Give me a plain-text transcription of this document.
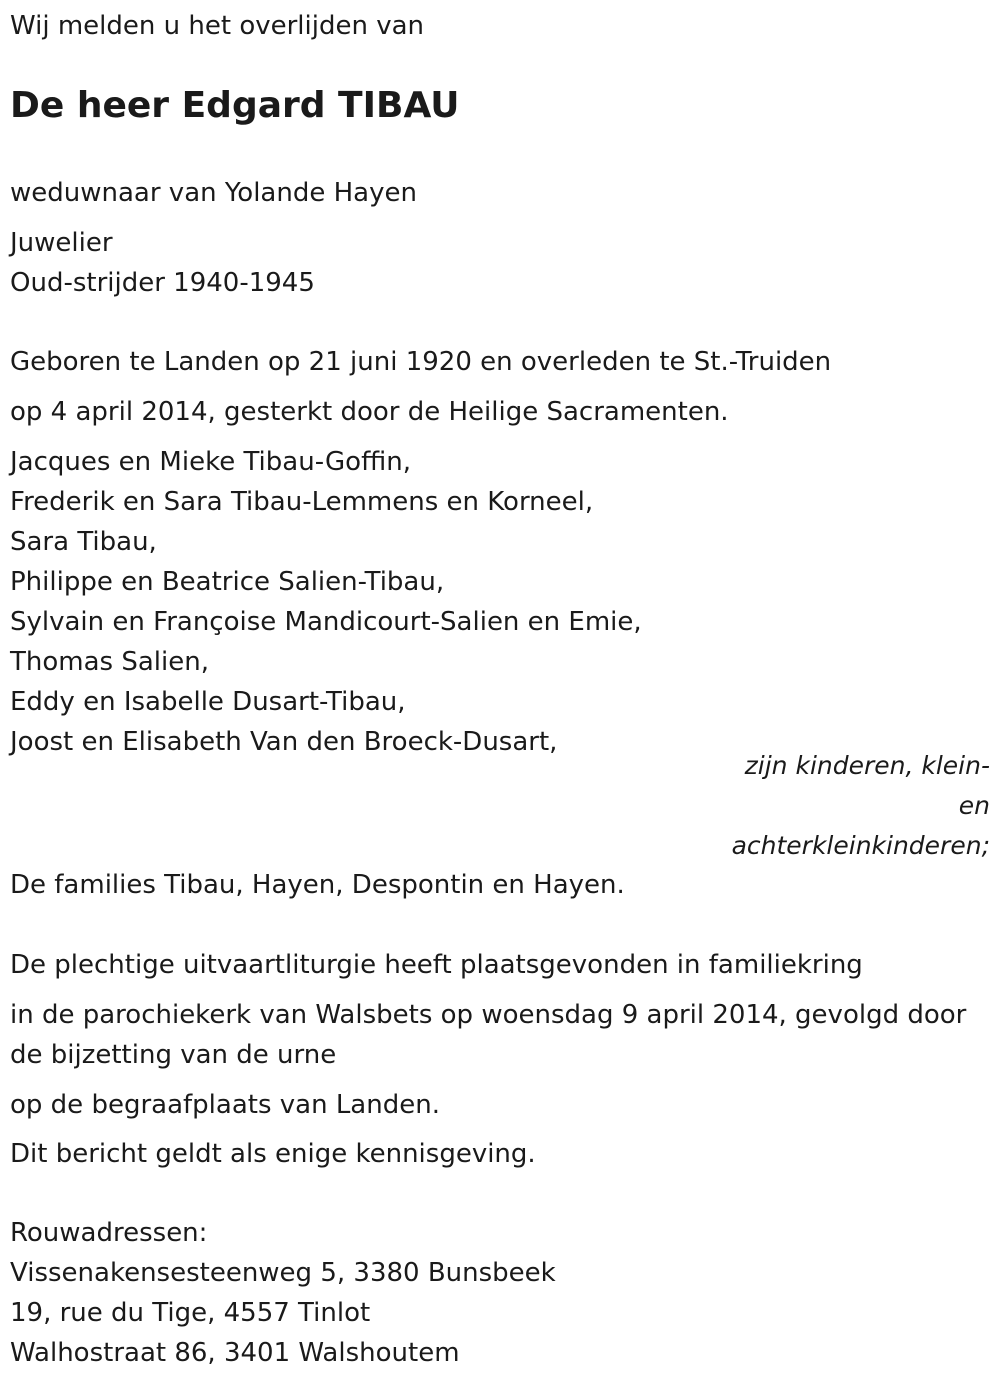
Wij melden u het overlijden van
De heer Edgard TIBAU
weduwnaar van Yolande Hayen
Juwelier
Oud-strijder 1940-1945
Geboren te Landen op 21 juni 1920 en overleden te St.-Truiden
op 4 april 2014, gesterkt door de Heilige Sacramenten.
Jacques en Mieke Tibau-Goffin,
Frederik en Sara Tibau-Lemmens en Korneel,
Sara Tibau,
Philippe en Beatrice Salien-Tibau,
Sylvain en Françoise Mandicourt-Salien en Emie,
Thomas Salien,
Eddy en Isabelle Dusart-Tibau,
Joost en Elisabeth Van den Broeck-Dusart,
zijn kinderen, klein-
en
achterkleinkinderen;
De families Tibau, Hayen, Despontin en Hayen.
De plechtige uitvaartliturgie heeft plaatsgevonden in familiekring
in de parochiekerk van Walsbets op woensdag 9 april 2014, gevolgd door de bijzetting van de urne
op de begraafplaats van Landen.
Dit bericht geldt als enige kennisgeving.
Rouwadressen:
Vissenakensesteenweg 5, 3380 Bunsbeek
19, rue du Tige, 4557 Tinlot
Walhostraat 86, 3401 Walshoutem
